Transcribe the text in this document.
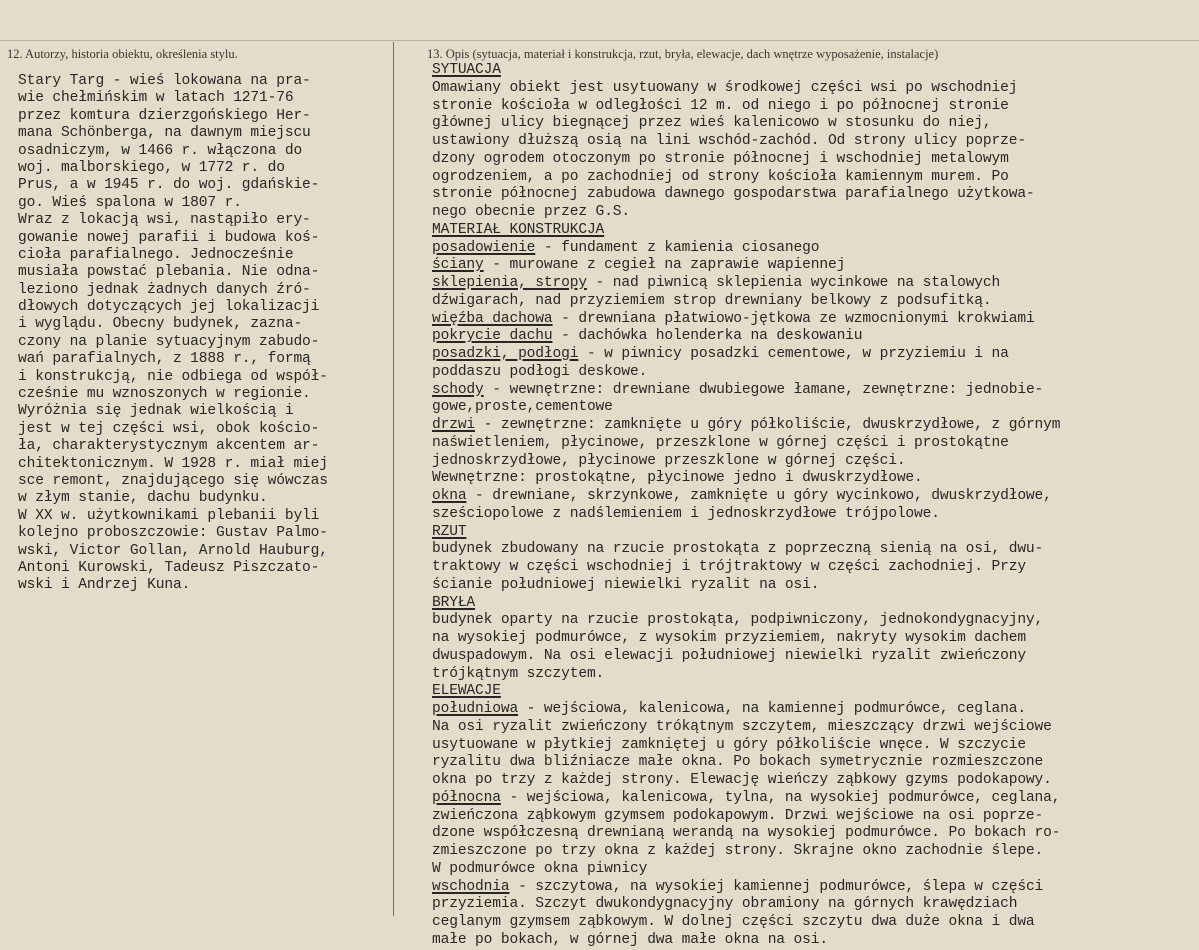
12. Autorzy, historia obiektu, określenia stylu.	13. Opis (sytuacja, materiał i konstrukcja, rzut, bryła, elewacje, dach wnętrze wyposażenie, instalacje)
Stary Targ - wieś lokowana na pra-
wie chełmińskim w latach 1271-76
przez komtura dzierzgońskiego Her-
mana Schönberga, na dawnym miejscu
osadniczym, w 1466 r. włączona do
woj. malborskiego, w 1772 r. do
Prus, a w 1945 r. do woj. gdańskie-
go. Wieś spalona w 1807 r.
Wraz z lokacją wsi, nastąpiło ery-
gowanie nowej parafii i budowa koś-
cioła parafialnego. Jednocześnie
musiała powstać plebania. Nie odna-
leziono jednak żadnych danych źró-
dłowych dotyczących jej lokalizacji
i wyglądu. Obecny budynek, zazna-
czony na planie sytuacyjnym zabudo-
wań parafialnych, z 1888 r., formą
i konstrukcją, nie odbiega od współ-
cześnie mu wznoszonych w regionie.
Wyróżnia się jednak wielkością i
jest w tej części wsi, obok kościo-
ła, charakterystycznym akcentem ar-
chitektonicznym. W 1928 r. miał miej
sce remont, znajdującego się wówczas
w złym stanie, dachu budynku.
W XX w. użytkownikami plebanii byli
kolejno proboszczowie: Gustav Palmo-
wski, Victor Gollan, Arnold Hauburg,
Antoni Kurowski, Tadeusz Piszczato-
wski i Andrzej Kuna.
SYTUACJA
Omawiany obiekt jest usytuowany w środkowej części wsi po wschodniej
stronie kościoła w odległości 12 m. od niego i po północnej stronie
głównej ulicy biegnącej przez wieś kalenicowo w stosunku do niej,
ustawiony dłuższą osią na lini wschód-zachód. Od strony ulicy poprze-
dzony ogrodem otoczonym po stronie północnej i wschodniej metalowym
ogrodzeniem, a po zachodniej od strony kościoła kamiennym murem. Po
stronie północnej zabudowa dawnego gospodarstwa parafialnego użytkowa-
nego obecnie przez G.S.
MATERIAŁ KONSTRUKCJA
posadowienie - fundament z kamienia ciosanego
ściany - murowane z cegieł na zaprawie wapiennej
sklepienia, stropy - nad piwnicą sklepienia wycinkowe na stalowych
dźwigarach, nad przyziemiem strop drewniany belkowy z podsufitką.
więźba dachowa - drewniana płatwiowo-jętkowa ze wzmocnionymi krokwiami
pokrycie dachu - dachówka holenderka na deskowaniu
posadzki, podłogi - w piwnicy posadzki cementowe, w przyziemiu i na
poddaszu podłogi deskowe.
schody - wewnętrzne: drewniane dwubiegowe łamane, zewnętrzne: jednobie-
gowe,proste,cementowe
drzwi - zewnętrzne: zamknięte u góry półkoliście, dwuskrzydłowe, z górnym
naświetleniem, płycinowe, przeszklone w górnej części i prostokątne
jednoskrzydłowe, płycinowe przeszklone w górnej części.
Wewnętrzne: prostokątne, płycinowe jedno i dwuskrzydłowe.
okna - drewniane, skrzynkowe, zamknięte u góry wycinkowo, dwuskrzydłowe,
sześciopolowe z nadślemieniem i jednoskrzydłowe trójpolowe.
RZUT
budynek zbudowany na rzucie prostokąta z poprzeczną sienią na osi, dwu-
traktowy w części wschodniej i trójtraktowy w części zachodniej. Przy
ścianie południowej niewielki ryzalit na osi.
BRYŁA
budynek oparty na rzucie prostokąta, podpiwniczony, jednokondygnacyjny,
na wysokiej podmurówce, z wysokim przyziemiem, nakryty wysokim dachem
dwuspadowym. Na osi elewacji południowej niewielki ryzalit zwieńczony
trójkątnym szczytem.
ELEWACJE
południowa - wejściowa, kalenicowa, na kamiennej podmurówce, ceglana.
Na osi ryzalit zwieńczony trókątnym szczytem, mieszczący drzwi wejściowe
usytuowane w płytkiej zamkniętej u góry półkoliście wnęce. W szczycie
ryzalitu dwa bliźniacze małe okna. Po bokach symetrycznie rozmieszczone
okna po trzy z każdej strony. Elewację wieńczy ząbkowy gzyms podokapowy.
północna - wejściowa, kalenicowa, tylna, na wysokiej podmurówce, ceglana,
zwieńczona ząbkowym gzymsem podokapowym. Drzwi wejściowe na osi poprze-
dzone współczesną drewnianą werandą na wysokiej podmurówce. Po bokach ro-
zmieszczone po trzy okna z każdej strony. Skrajne okno zachodnie ślepe.
W podmurówce okna piwnicy
wschodnia - szczytowa, na wysokiej kamiennej podmurówce, ślepa w części
przyziemia. Szczyt dwukondygnacyjny obramiony na górnych krawędziach
ceglanym gzymsem ząbkowym. W dolnej części szczytu dwa duże okna i dwa
małe po bokach, w górnej dwa małe okna na osi.
